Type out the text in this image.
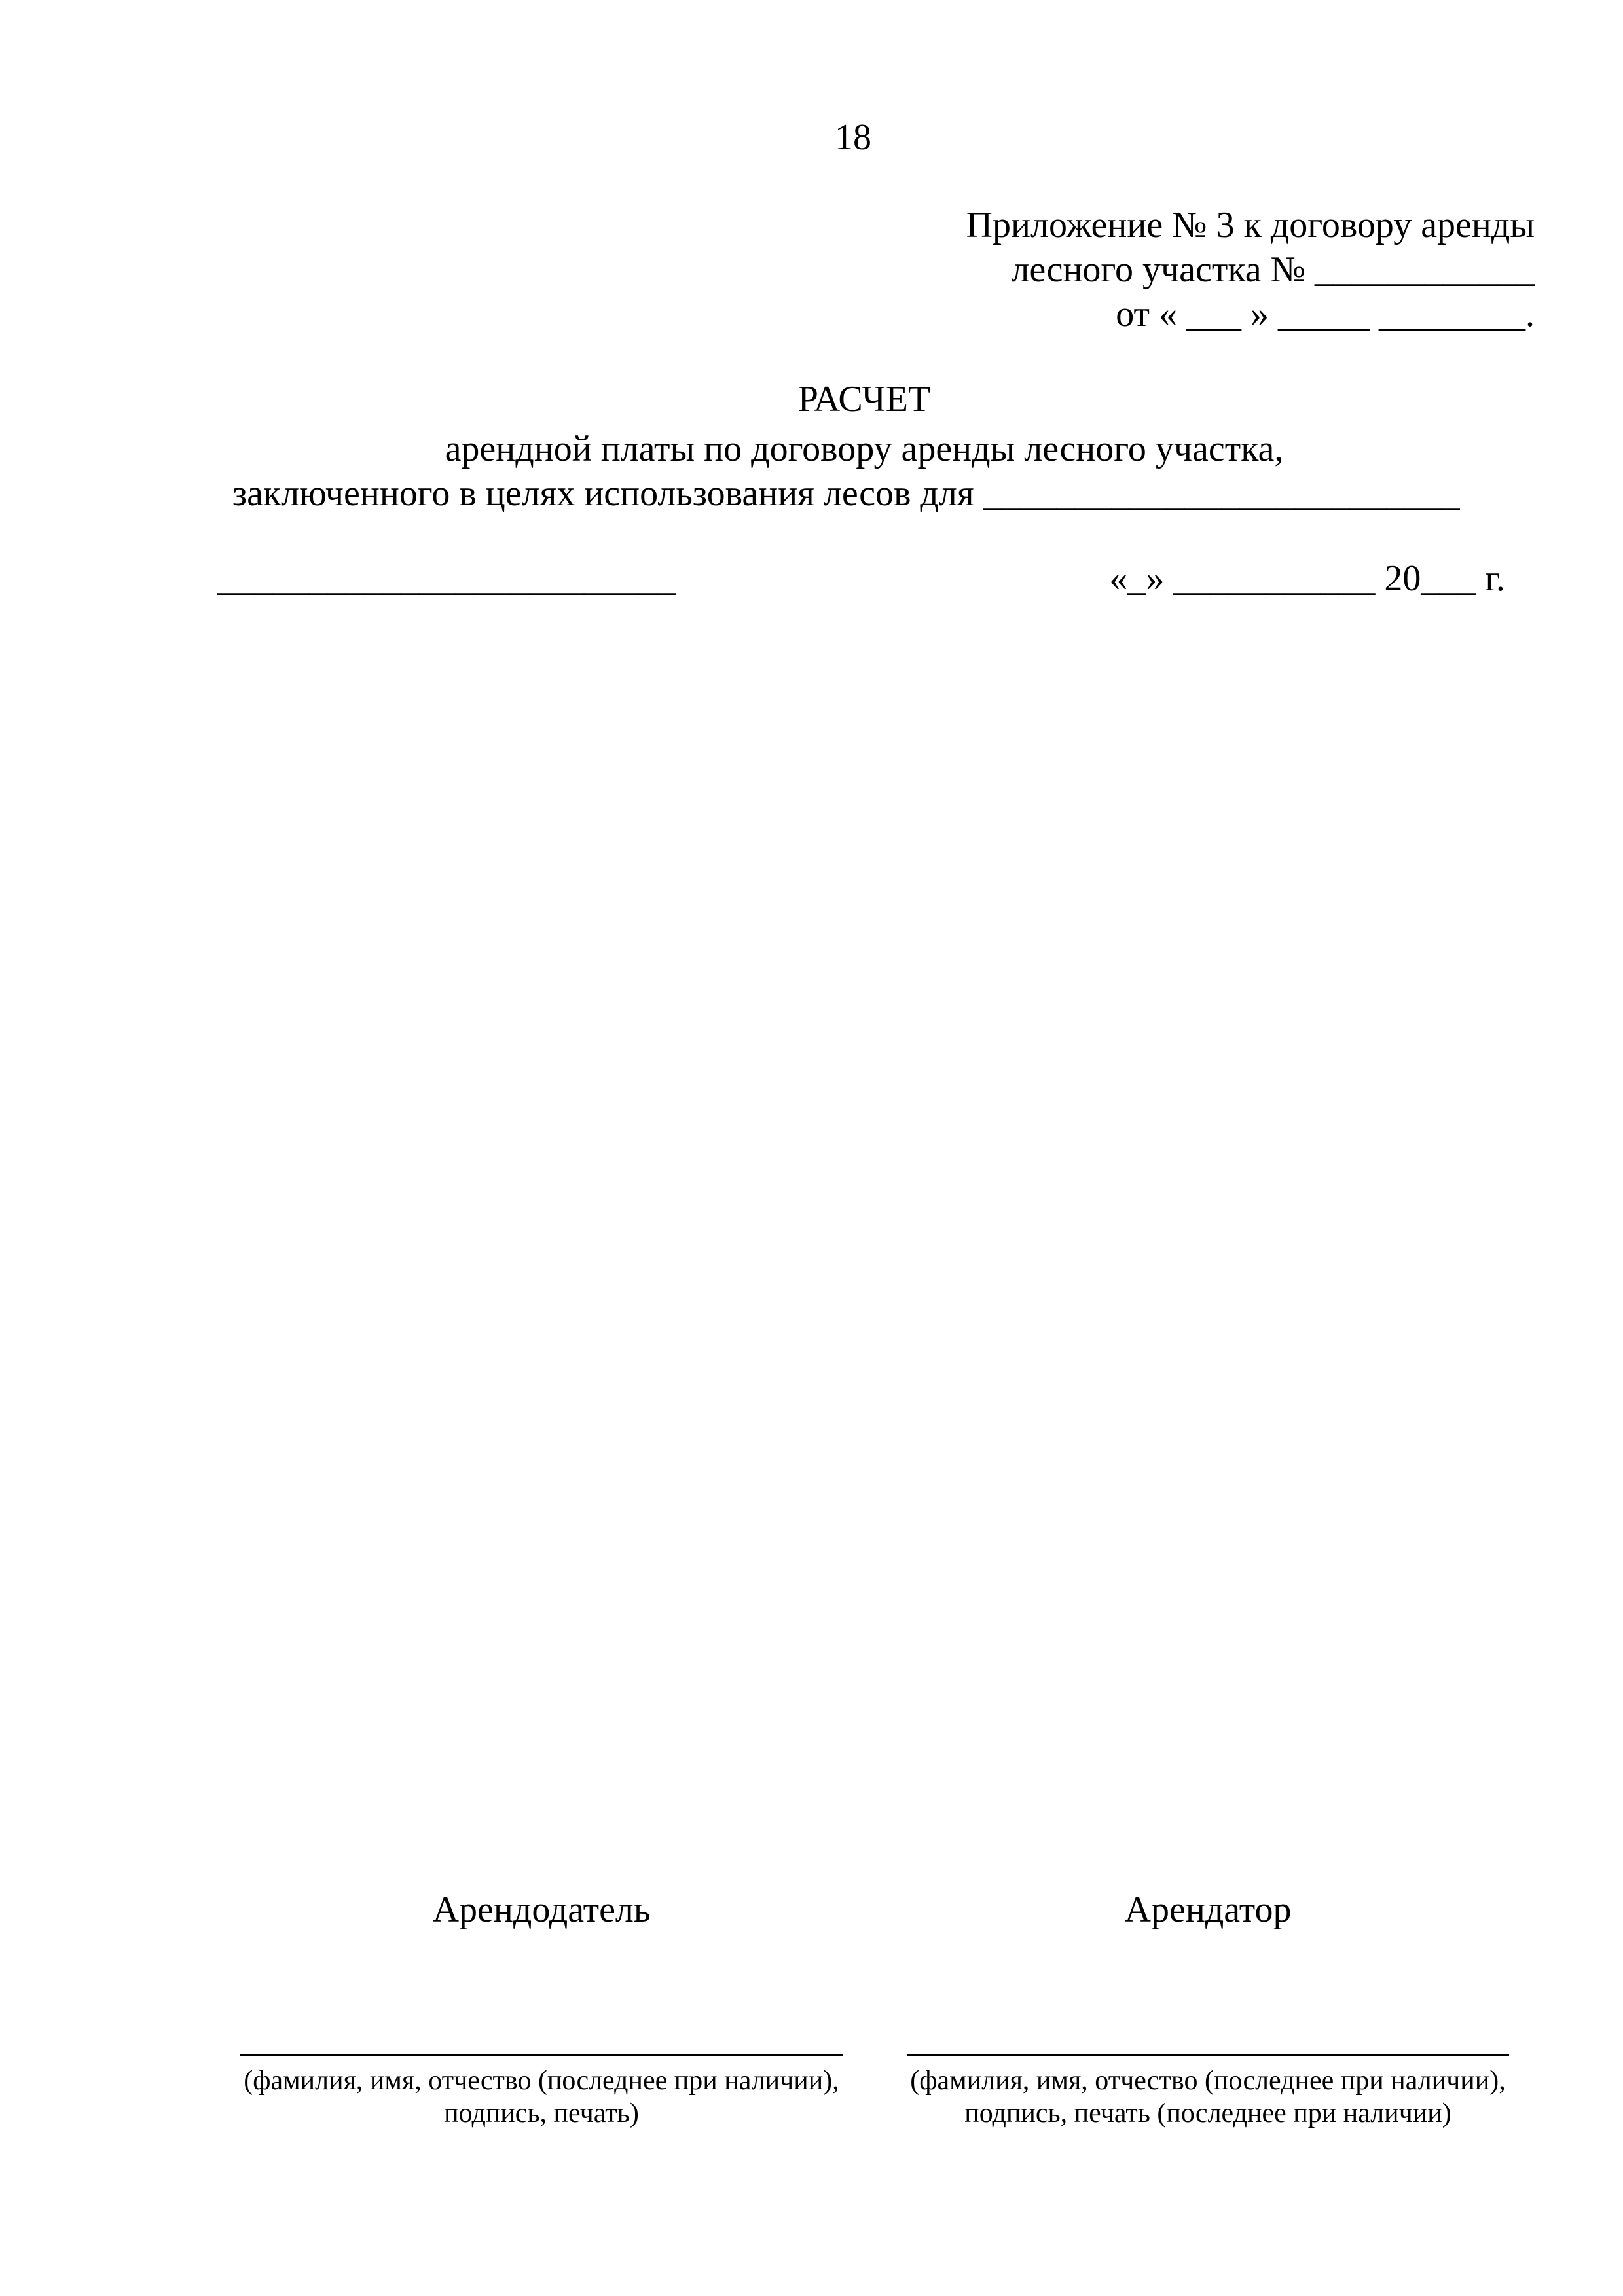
18
Приложение № 3 к договору аренды
лесного участка № ____________
от « ___ » _____ ________.
РАСЧЕТ
арендной платы по договору аренды лесного участка,
заключенного в целях использования лесов для __________________________
_________________________	«_» ___________ 20___ г.
Арендодатель
(фамилия, имя, отчество (последнее при наличии),
подпись, печать)
Арендатор
(фамилия, имя, отчество (последнее при наличии),
подпись, печать (последнее при наличии)
